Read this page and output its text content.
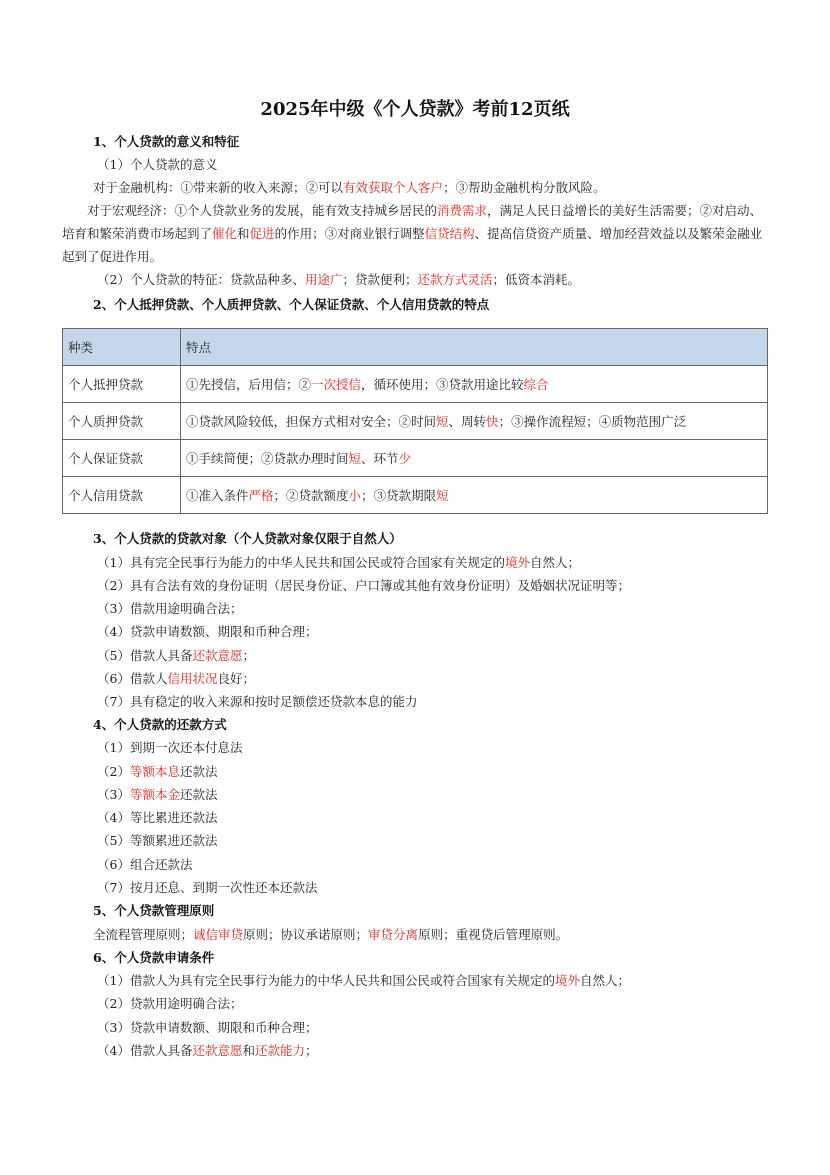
2025年中级《个人贷款》考前12页纸
1、个人贷款的意义和特征
（1）个人贷款的意义
对于金融机构：①带来新的收入来源；②可以有效获取个人客户；③帮助金融机构分散风险。
对于宏观经济：①个人贷款业务的发展，能有效支持城乡居民的消费需求，满足人民日益增长的美好生活需要；②对启动、培育和繁荣消费市场起到了催化和促进的作用；③对商业银行调整信贷结构、提高信贷资产质量、增加经营效益以及繁荣金融业起到了促进作用。
（2）个人贷款的特征：贷款品种多、用途广；贷款便利；还款方式灵活；低资本消耗。
2、个人抵押贷款、个人质押贷款、个人保证贷款、个人信用贷款的特点
种类	特点
个人抵押贷款	①先授信，后用信；②一次授信，循环使用；③贷款用途比较综合
个人质押贷款	①贷款风险较低，担保方式相对安全；②时间短、周转快；③操作流程短；④质物范围广泛
个人保证贷款	①手续简便；②贷款办理时间短、环节少
个人信用贷款	①准入条件严格；②贷款额度小；③贷款期限短
3、个人贷款的贷款对象（个人贷款对象仅限于自然人）
（1）具有完全民事行为能力的中华人民共和国公民或符合国家有关规定的境外自然人；
（2）具有合法有效的身份证明（居民身份证、户口簿或其他有效身份证明）及婚姻状况证明等；
（3）借款用途明确合法；
（4）贷款申请数额、期限和币种合理；
（5）借款人具备还款意愿；
（6）借款人信用状况良好；
（7）具有稳定的收入来源和按时足额偿还贷款本息的能力
4、个人贷款的还款方式
（1）到期一次还本付息法
（2）等额本息还款法
（3）等额本金还款法
（4）等比累进还款法
（5）等额累进还款法
（6）组合还款法
（7）按月还息、到期一次性还本还款法
5、个人贷款管理原则
全流程管理原则；诚信审贷原则；协议承诺原则；审贷分离原则；重视贷后管理原则。
6、个人贷款申请条件
（1）借款人为具有完全民事行为能力的中华人民共和国公民或符合国家有关规定的境外自然人；
（2）贷款用途明确合法；
（3）贷款申请数额、期限和币种合理；
（4）借款人具备还款意愿和还款能力；
